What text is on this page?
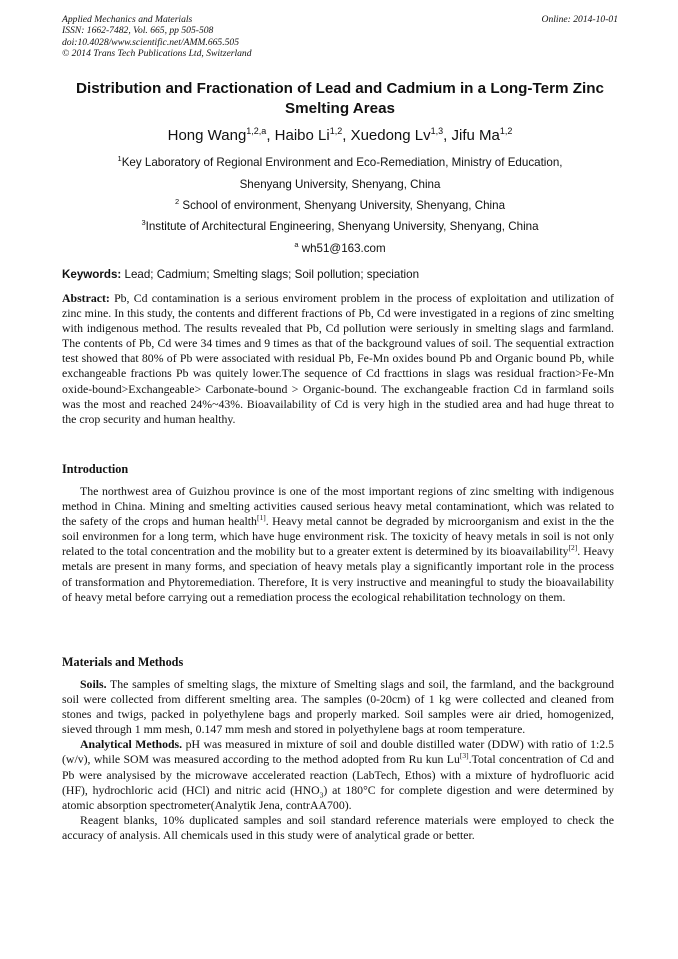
Applied Mechanics and Materials
ISSN: 1662-7482, Vol. 665, pp 505-508
doi:10.4028/www.scientific.net/AMM.665.505
© 2014 Trans Tech Publications Ltd, Switzerland
Online: 2014-10-01
Distribution and Fractionation of Lead and Cadmium in a Long-Term Zinc Smelting Areas
Hong Wang$^{1,2,a}$, Haibo Li$^{1,2}$, Xuedong Lv$^{1,3}$, Jifu Ma$^{1,2}$
$^1$Key Laboratory of Regional Environment and Eco-Remediation, Ministry of Education,
Shenyang University, Shenyang, China
$^2$ School of environment, Shenyang University, Shenyang, China
$^3$Institute of Architectural Engineering, Shenyang University, Shenyang, China
$^a$ wh51@163.com
Keywords: Lead; Cadmium; Smelting slags; Soil pollution; speciation

Abstract: Pb, Cd contamination is a serious enviroment problem in the process of exploitation and utilization of zinc mine. In this study, the contents and different fractions of Pb, Cd were investigated in a regions of zinc smelting with indigenous method. The results revealed that Pb, Cd pollution were seriously in smelting slags and farmland. The contents of Pb, Cd were 34 times and 9 times as that of the background values of soil. The sequential extraction test showed that 80% of Pb were associated with residual Pb, Fe-Mn oxides bound Pb and Organic bound Pb, while exchangeable fractions Pb was quitely lower.The sequence of Cd fracttions in slags was residual fraction>Fe-Mn oxide-bound>Exchangeable> Carbonate-bound > Organic-bound. The exchangeable fraction Cd in farmland soils was the most and reached 24%~43%. Bioavailability of Cd is very high in the studied area and had huge threat to the crop security and human healthy.

Introduction

The northwest area of Guizhou province is one of the most important regions of zinc smelting with indigenous method in China. Mining and smelting activities caused serious heavy metal contaminationt, which was related to the safety of the crops and human health[1]. Heavy metal cannot be degraded by microorganism and exist in the the soil environmen for a long term, which have huge environment risk. The toxicity of heavy metals in soil is not only related to the total concentration and the mobility but to a greater extent is determined by its bioavailability[2]. Heavy metals are present in many forms, and speciation of heavy metals play a significantly important role in the process of transformation and Phytoremediation. Therefore, It is very instructive and meaningful to study the bioavailability of heavy metal before carrying out a remediation process the ecological rehabilitation technology on them.

Materials and Methods

Soils. The samples of smelting slags, the mixture of Smelting slags and soil, the farmland, and the background soil were collected from different smelting area. The samples (0-20cm) of 1 kg were collected and cleaned from stones and twigs, packed in polyethylene bags and properly marked. Soil samples were air dried, homogenized, sieved through 1 mm mesh, 0.147 mm mesh and stored in polyethylene bags at room temperature.

Analytical Methods. pH was measured in mixture of soil and double distilled water (DDW) with ratio of 1:2.5 (w/v), while SOM was measured according to the method adopted from Ru kun Lu[3].Total concentration of Cd and Pb were analysised by the microwave accelerated reaction (LabTech, Ethos) with a mixture of hydrofluoric acid (HF), hydrochloric acid (HCl) and nitric acid $(HNO_3)$ at 180°C for complete digestion and were determined by atomic absorption spectrometer(Analytik Jena, contrAA700).

Reagent blanks, 10% duplicated samples and soil standard reference materials were employed to check the accuracy of analysis. All chemicals used in this study were of analytical grade or better.
